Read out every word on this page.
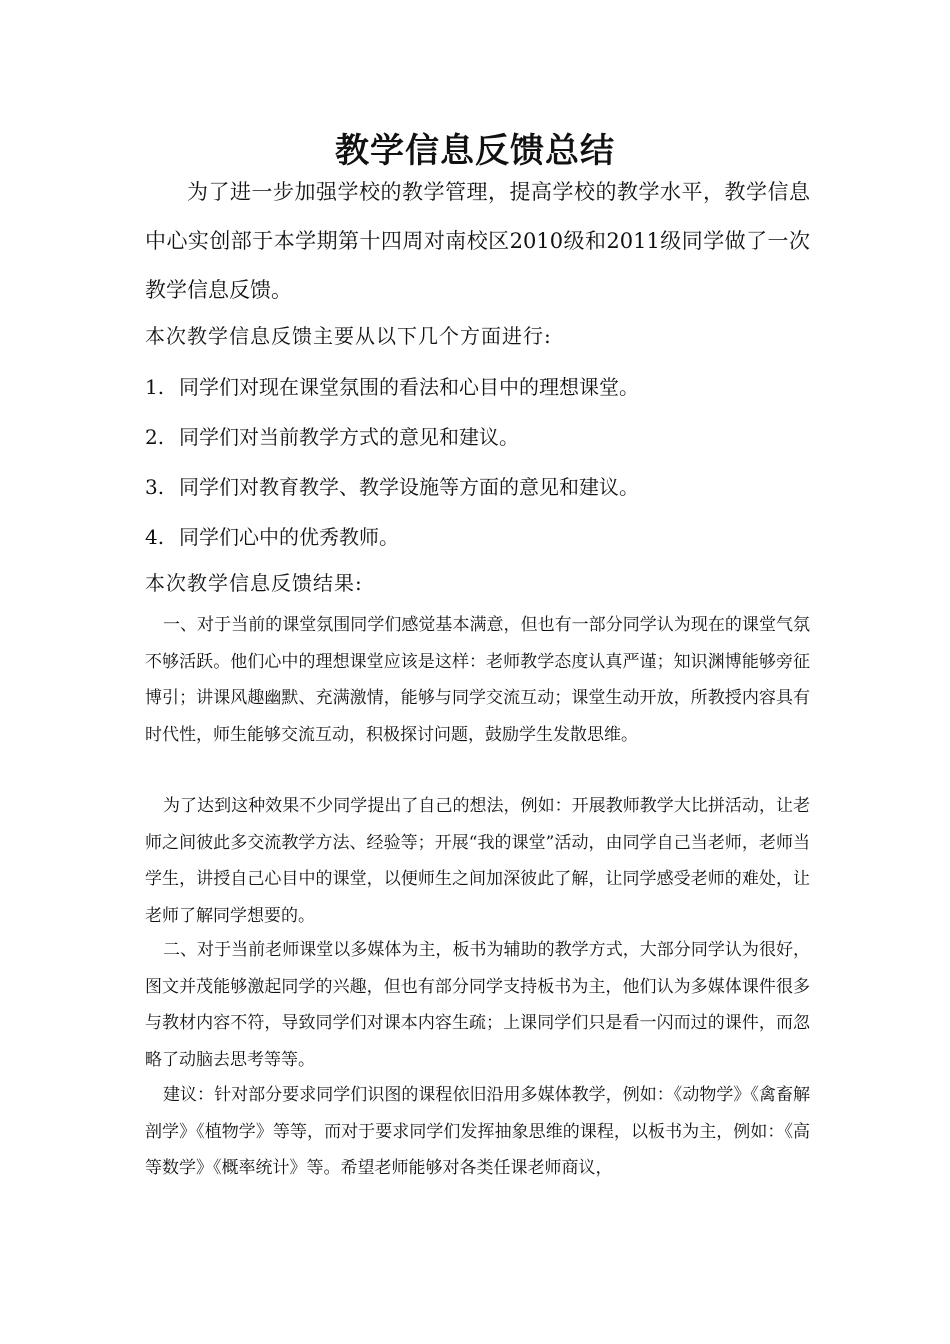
教学信息反馈总结

为了进一步加强学校的教学管理，提高学校的教学水平，教学信息中心实创部于本学期第十四周对南校区2010级和2011级同学做了一次教学信息反馈。

本次教学信息反馈主要从以下几个方面进行:
1. 同学们对现在课堂氛围的看法和心目中的理想课堂。
2. 同学们对当前教学方式的意见和建议。
3. 同学们对教育教学、教学设施等方面的意见和建议。
4. 同学们心中的优秀教师。
本次教学信息反馈结果:

一、对于当前的课堂氛围同学们感觉基本满意，但也有一部分同学认为现在的课堂气氛不够活跃。他们心中的理想课堂应该是这样：老师教学态度认真严谨；知识渊博能够旁征博引；讲课风趣幽默、充满激情，能够与同学交流互动；课堂生动开放，所教授内容具有时代性，师生能够交流互动，积极探讨问题，鼓励学生发散思维。

为了达到这种效果不少同学提出了自己的想法，例如：开展教师教学大比拼活动，让老师之间彼此多交流教学方法、经验等；开展“我的课堂”活动，由同学自己当老师，老师当学生，讲授自己心目中的课堂，以便师生之间加深彼此了解，让同学感受老师的难处，让老师了解同学想要的。

二、对于当前老师课堂以多媒体为主，板书为辅助的教学方式，大部分同学认为很好，图文并茂能够激起同学的兴趣，但也有部分同学支持板书为主，他们认为多媒体课件很多与教材内容不符，导致同学们对课本内容生疏；上课同学们只是看一闪而过的课件，而忽略了动脑去思考等等。

建议：针对部分要求同学们识图的课程依旧沿用多媒体教学，例如：《动物学》《禽畜解剖学》《植物学》等等，而对于要求同学们发挥抽象思维的课程，以板书为主，例如：《高等数学》《概率统计》等。希望老师能够对各类任课老师商议，
